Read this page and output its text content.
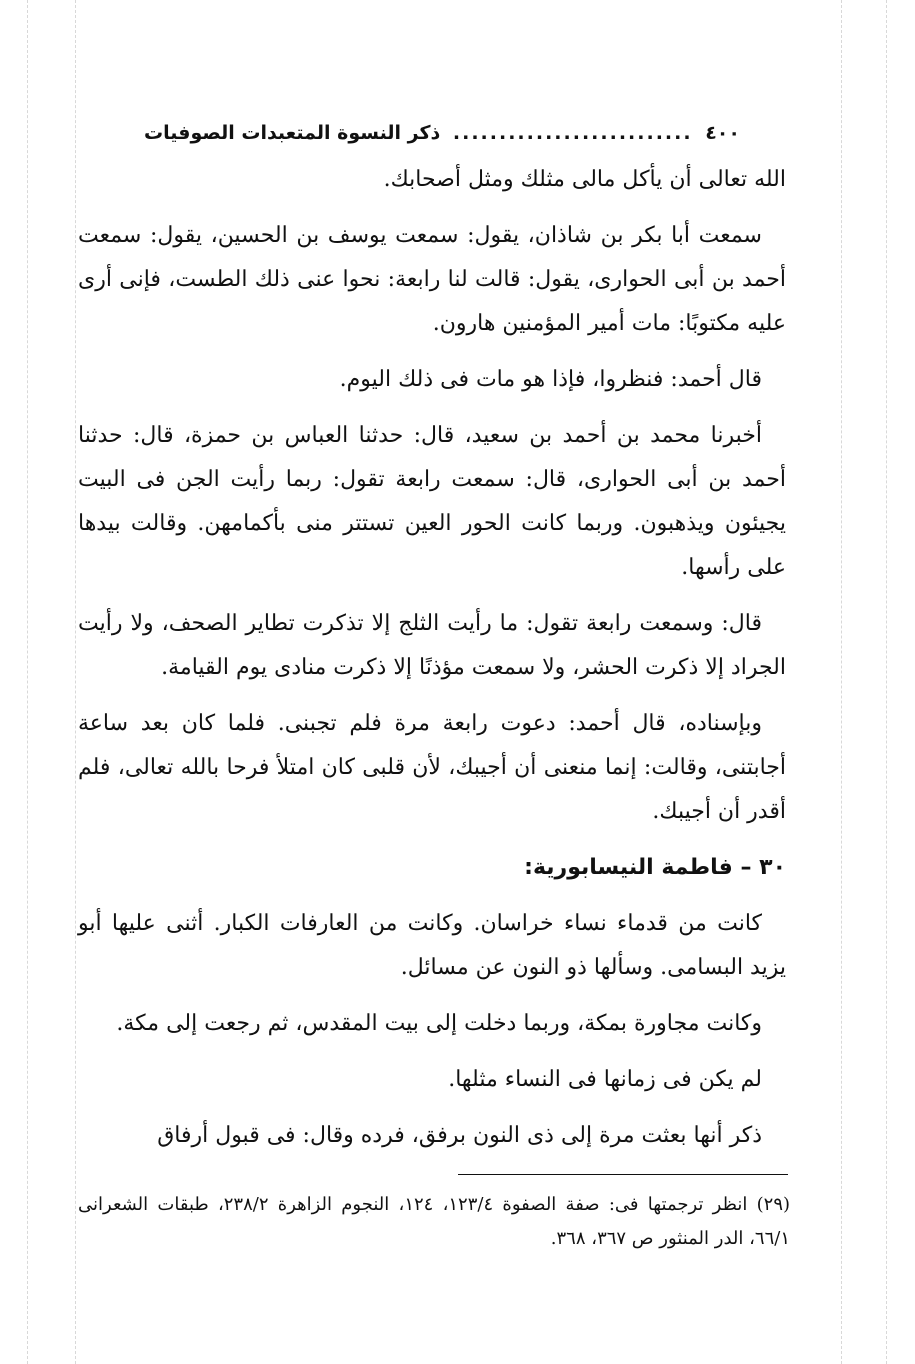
٤٠٠ .......................... ذكر النسوة المتعبدات الصوفيات

الله تعالى أن يأكل مالى مثلك ومثل أصحابك.

سمعت أبا بكر بن شاذان، يقول: سمعت يوسف بن الحسين، يقول: سمعت أحمد بن أبى الحوارى، يقول: قالت لنا رابعة: نحوا عنى ذلك الطست، فإنى أرى عليه مكتوبًا: مات أمير المؤمنين هارون.

قال أحمد: فنظروا، فإذا هو مات فى ذلك اليوم.

أخبرنا محمد بن أحمد بن سعيد، قال: حدثنا العباس بن حمزة، قال: حدثنا أحمد بن أبى الحوارى، قال: سمعت رابعة تقول: ربما رأيت الجن فى البيت يجيئون ويذهبون. وربما كانت الحور العين تستتر منى بأكمامهن. وقالت بيدها على رأسها.

قال: وسمعت رابعة تقول: ما رأيت الثلج إلا تذكرت تطاير الصحف، ولا رأيت الجراد إلا ذكرت الحشر، ولا سمعت مؤذنًا إلا ذكرت منادى يوم القيامة.

وبإسناده، قال أحمد: دعوت رابعة مرة فلم تجبنى. فلما كان بعد ساعة أجابتنى، وقالت: إنما منعنى أن أجيبك، لأن قلبى كان امتلأ فرحا بالله تعالى، فلم أقدر أن أجيبك.

٣٠ – فاطمة النيسابورية:

كانت من قدماء نساء خراسان. وكانت من العارفات الكبار. أثنى عليها أبو يزيد البسامى. وسألها ذو النون عن مسائل.

وكانت مجاورة بمكة، وربما دخلت إلى بيت المقدس، ثم رجعت إلى مكة.

لم يكن فى زمانها فى النساء مثلها.

ذكر أنها بعثت مرة إلى ذى النون برفق، فرده وقال: فى قبول أرفاق

(٢٩) انظر ترجمتها فى: صفة الصفوة ١٢٣/٤، ١٢٤، النجوم الزاهرة ٢٣٨/٢، طبقات الشعرانى ٦٦/١، الدر المنثور ص ٣٦٧، ٣٦٨.
